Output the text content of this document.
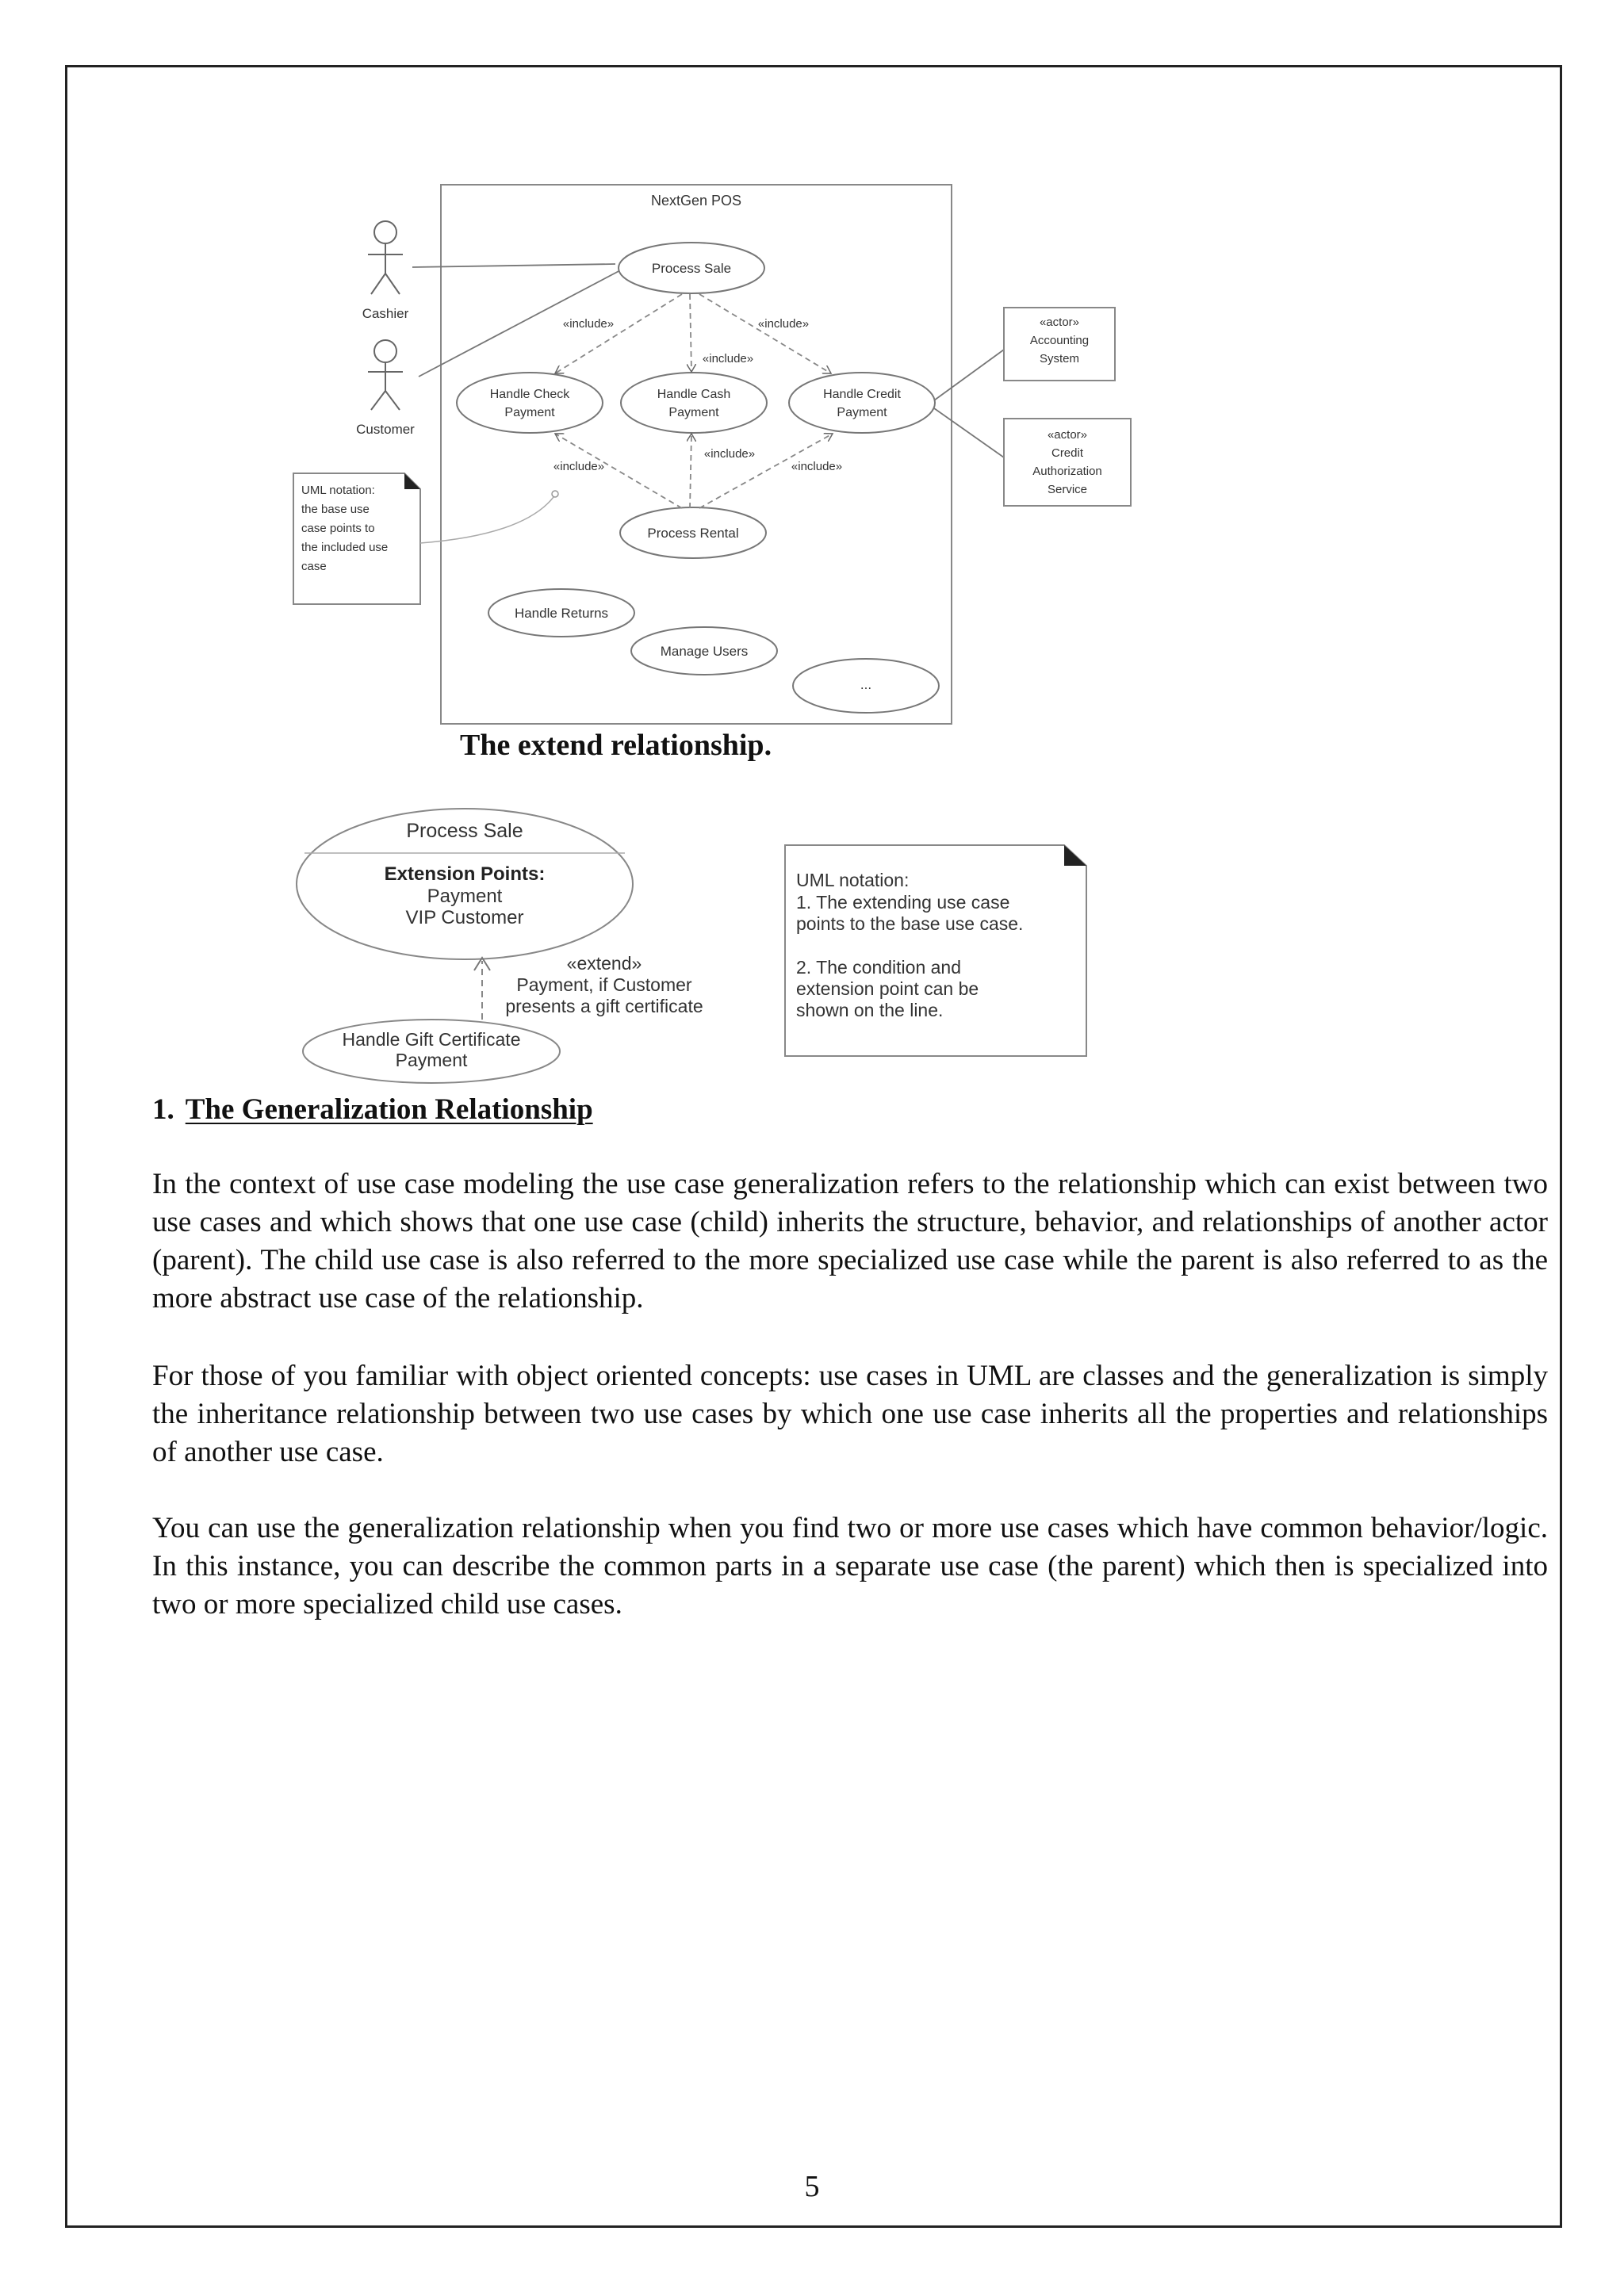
NextGen POS
Cashier
Customer
Process Sale
Handle Check
Payment
Handle Cash
Payment
Handle Credit
Payment
Process Rental
Handle Returns
Manage Users
...
«include»	«include»
«include»
«include»
«include»
«include»
«actor»
Accounting
System
«actor»
Credit
Authorization
Service
UML notation:
the base use
case points to
the included use
case
The extend relationship.
Process Sale
Extension Points:
Payment
VIP Customer
«extend»
Payment, if Customer
presents a gift certificate
Handle Gift Certificate
Payment
UML notation:
1. The extending use case
points to the base use case.
2. The condition and
extension point can be
shown on the line.
1. The Generalization Relationship

In the context of use case modeling the use case generalization refers to the relationship which can exist between two use cases and which shows that one use case (child) inherits the structure, behavior, and relationships of another actor (parent). The child use case is also referred to the more specialized use case while the parent is also referred to as the more abstract use case of the relationship.

For those of you familiar with object oriented concepts: use cases in UML are classes and the generalization is simply the inheritance relationship between two use cases by which one use case inherits all the properties and relationships of another use case.

You can use the generalization relationship when you find two or more use cases which have common behavior/logic. In this instance, you can describe the common parts in a separate use case (the parent) which then is specialized into two or more specialized child use cases.

5
